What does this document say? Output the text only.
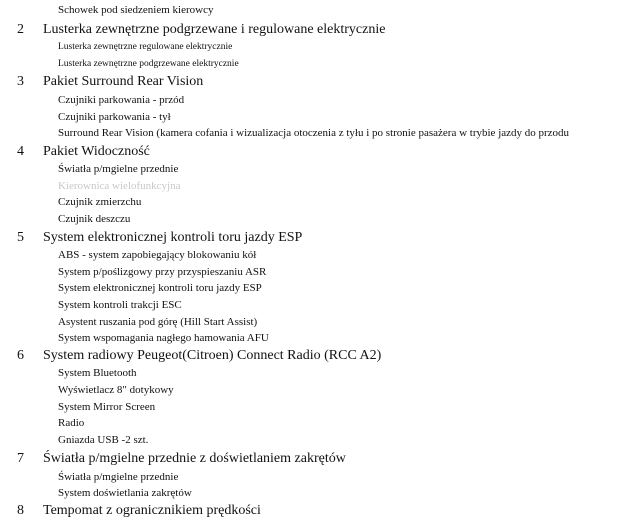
Schowek pod siedzeniem kierowcy
2 Lusterka zewnętrzne podgrzewane i regulowane elektrycznie
Lusterka zewnętrzne regulowane elektrycznie
Lusterka zewnętrzne podgrzewane elektrycznie
3 Pakiet Surround Rear Vision
Czujniki parkowania - przód
Czujniki parkowania - tył
Surround Rear Vision (kamera cofania i wizualizacja otoczenia z tyłu i po stronie pasażera w trybie jazdy do przodu
4 Pakiet Widoczność
Światła p/mgielne przednie
Kierownica wielofunkcyjna
Czujnik zmierzchu
Czujnik deszczu
5 System elektronicznej kontroli toru jazdy ESP
ABS - system zapobiegający blokowaniu kół
System p/poślizgowy przy przyspieszaniu ASR
System elektronicznej kontroli toru jazdy ESP
System kontroli trakcji ESC
Asystent ruszania pod górę (Hill Start Assist)
System wspomagania nagłego hamowania AFU
6 System radiowy Peugeot(Citroen) Connect Radio (RCC A2)
System Bluetooth
Wyświetlacz 8" dotykowy
System Mirror Screen
Radio
Gniazda USB -2 szt.
7 Światła p/mgielne przednie z doświetlaniem zakrętów
Światła p/mgielne przednie
System doświetlania zakrętów
8 Tempomat z ogranicznikiem prędkości
